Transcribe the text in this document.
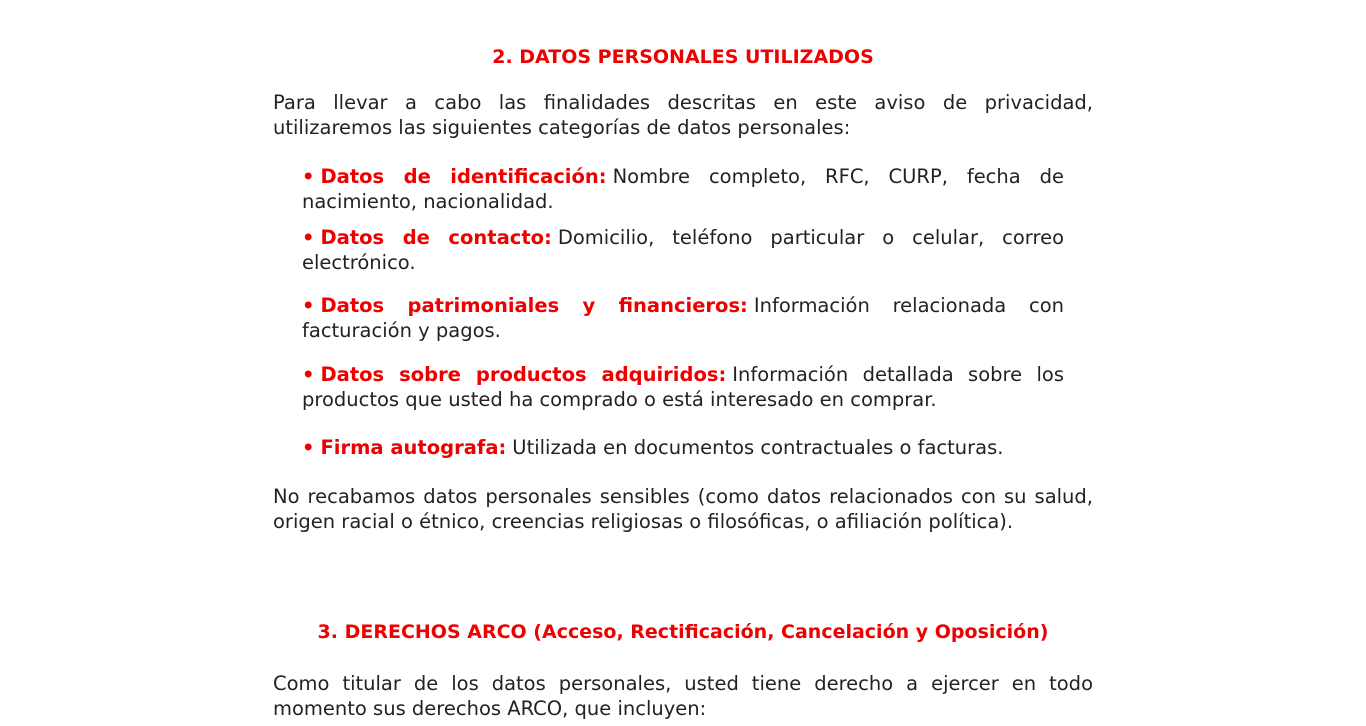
2. DATOS PERSONALES UTILIZADOS

Para llevar a cabo las finalidades descritas en este aviso de privacidad, utilizaremos las siguientes categorías de datos personales:

• Datos de identificación: Nombre completo, RFC, CURP, fecha de nacimiento, nacionalidad.
• Datos de contacto: Domicilio, teléfono particular o celular, correo electrónico.
• Datos patrimoniales y financieros: Información relacionada con facturación y pagos.
• Datos sobre productos adquiridos: Información detallada sobre los productos que usted ha comprado o está interesado en comprar.
• Firma autografa: Utilizada en documentos contractuales o facturas.

No recabamos datos personales sensibles (como datos relacionados con su salud, origen racial o étnico, creencias religiosas o filosóficas, o afiliación política).

3. DERECHOS ARCO (Acceso, Rectificación, Cancelación y Oposición)

Como titular de los datos personales, usted tiene derecho a ejercer en todo momento sus derechos ARCO, que incluyen:
